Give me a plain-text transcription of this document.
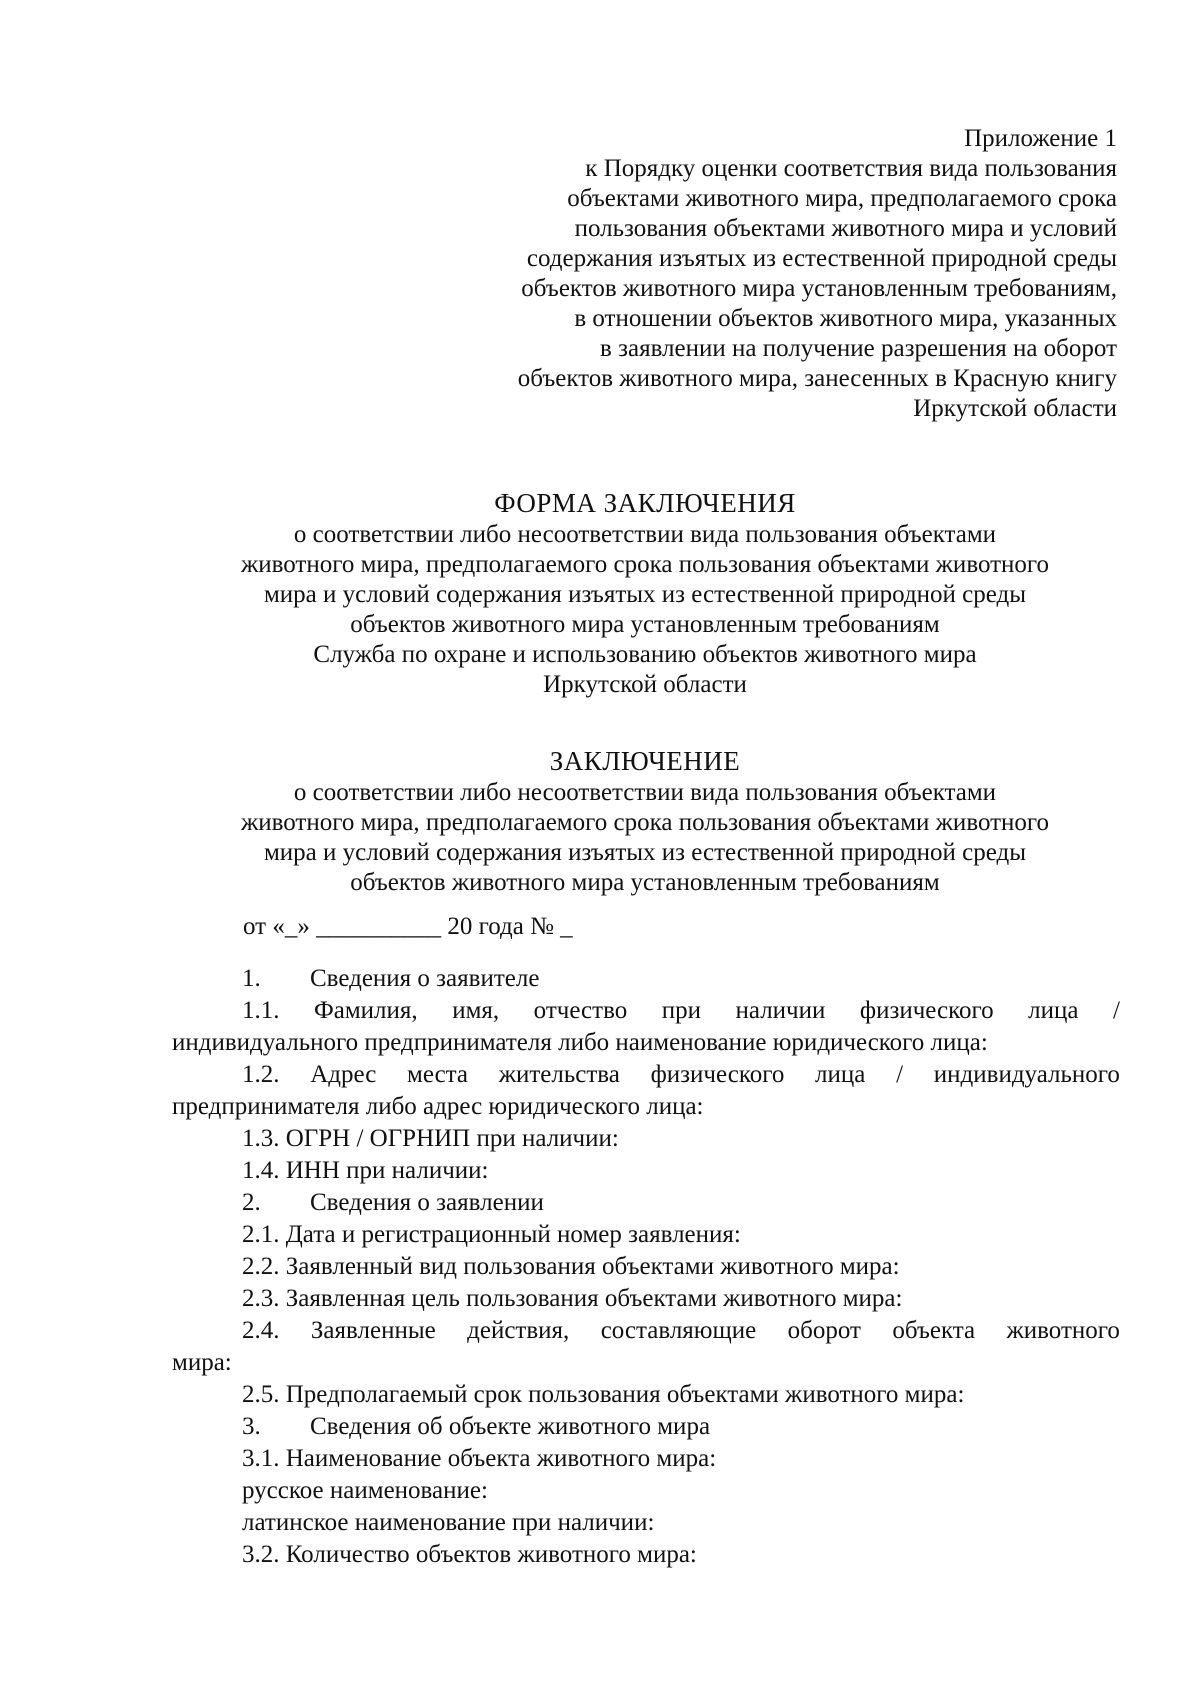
Приложение 1
к Порядку оценки соответствия вида пользования
объектами животного мира, предполагаемого срока
пользования объектами животного мира и условий
содержания изъятых из естественной природной среды
объектов животного мира установленным требованиям,
в отношении объектов животного мира, указанных
в заявлении на получение разрешения на оборот
объектов животного мира, занесенных в Красную книгу
Иркутской области
ФОРМА ЗАКЛЮЧЕНИЯ
о соответствии либо несоответствии вида пользования объектами
животного мира, предполагаемого срока пользования объектами животного
мира и условий содержания изъятых из естественной природной среды
объектов животного мира установленным требованиям
Служба по охране и использованию объектов животного мира
Иркутской области
ЗАКЛЮЧЕНИЕ
о соответствии либо несоответствии вида пользования объектами
животного мира, предполагаемого срока пользования объектами животного
мира и условий содержания изъятых из естественной природной среды
объектов животного мира установленным требованиям
от «_» __________ 20 года № _
1. Сведения о заявителе
1.1. Фамилия, имя, отчество при наличии физического лица /
индивидуального предпринимателя либо наименование юридического лица:
1.2. Адрес места жительства физического лица / индивидуального
предпринимателя либо адрес юридического лица:
1.3. ОГРН / ОГРНИП при наличии:
1.4. ИНН при наличии:
2. Сведения о заявлении
2.1. Дата и регистрационный номер заявления:
2.2. Заявленный вид пользования объектами животного мира:
2.3. Заявленная цель пользования объектами животного мира:
2.4. Заявленные действия, составляющие оборот объекта животного
мира:
2.5. Предполагаемый срок пользования объектами животного мира:
3. Сведения об объекте животного мира
3.1. Наименование объекта животного мира:
русское наименование:
латинское наименование при наличии:
3.2. Количество объектов животного мира:
